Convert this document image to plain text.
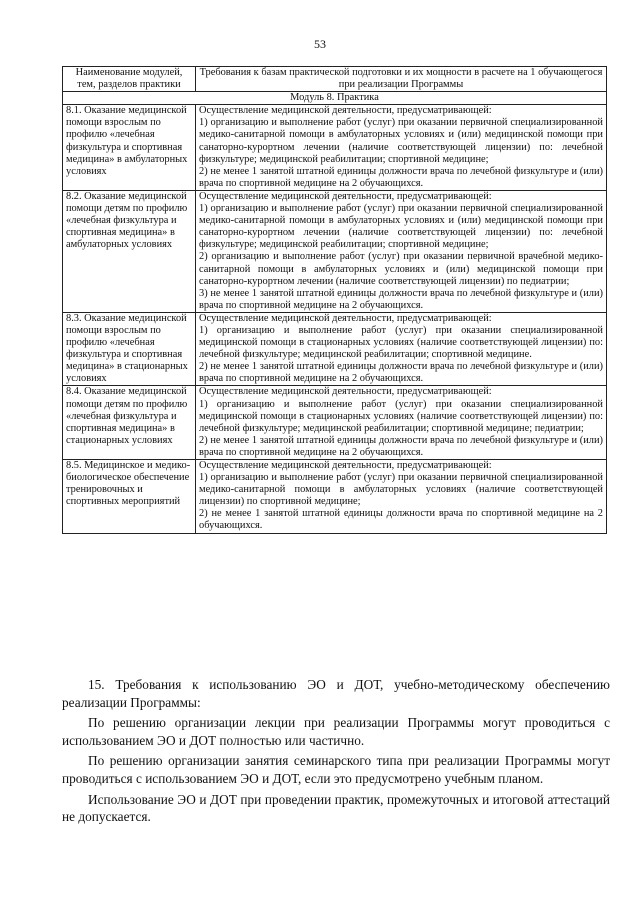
53
Наименование модулей, тем, разделов практики	Требования к базам практической подготовки и их мощности в расчете на 1 обучающегося при реализации Программы
Модуль 8. Практика	
8.1. Оказание медицинской помощи взрослым по профилю «лечебная физкультура и спортивная медицина» в амбулаторных условиях	Осуществление медицинской деятельности, предусматривающей:
1) организацию и выполнение работ (услуг) при оказании первичной специализированной медико-санитарной помощи в амбулаторных условиях и (или) медицинской помощи при санаторно-курортном лечении (наличие соответствующей лицензии) по: лечебной физкультуре; медицинской реабилитации; спортивной медицине;
2) не менее 1 занятой штатной единицы должности врача по лечебной физкультуре и (или) врача по спортивной медицине на 2 обучающихся.

8.2. Оказание медицинской помощи детям по профилю «лечебная физкультура и спортивная медицина» в амбулаторных условиях	Осуществление медицинской деятельности, предусматривающей:
1) организацию и выполнение работ (услуг) при оказании первичной специализированной медико-санитарной помощи в амбулаторных условиях и (или) медицинской помощи при санаторно-курортном лечении (наличие соответствующей лицензии) по: лечебной физкультуре; медицинской реабилитации; спортивной медицине;
2) организацию и выполнение работ (услуг) при оказании первичной врачебной медико-санитарной помощи в амбулаторных условиях и (или) медицинской помощи при санаторно-курортном лечении (наличие соответствующей лицензии) по педиатрии;
3) не менее 1 занятой штатной единицы должности врача по лечебной физкультуре и (или) врача по спортивной медицине на 2 обучающихся.

8.3. Оказание медицинской помощи взрослым по профилю «лечебная физкультура и спортивная медицина» в стационарных условиях	Осуществление медицинской деятельности, предусматривающей:
1) организацию и выполнение работ (услуг) при оказании специализированной медицинской помощи в стационарных условиях (наличие соответствующей лицензии) по: лечебной физкультуре; медицинской реабилитации; спортивной медицине.
2) не менее 1 занятой штатной единицы должности врача по лечебной физкультуре и (или) врача по спортивной медицине на 2 обучающихся.

8.4. Оказание медицинской помощи детям по профилю «лечебная физкультура и спортивная медицина» в стационарных условиях	Осуществление медицинской деятельности, предусматривающей:
1) организацию и выполнение работ (услуг) при оказании специализированной медицинской помощи в стационарных условиях (наличие соответствующей лицензии) по: лечебной физкультуре; медицинской реабилитации; спортивной медицине; педиатрии;
2) не менее 1 занятой штатной единицы должности врача по лечебной физкультуре и (или) врача по спортивной медицине на 2 обучающихся.

8.5. Медицинское и медико-биологическое обеспечение тренировочных и спортивных мероприятий	Осуществление медицинской деятельности, предусматривающей:
1) организацию и выполнение работ (услуг) при оказании первичной специализированной медико-санитарной помощи в амбулаторных условиях (наличие соответствующей лицензии) по спортивной медицине;
2) не менее 1 занятой штатной единицы должности врача по спортивной медицине на 2 обучающихся.

15. Требования к использованию ЭО и ДОТ, учебно-методическому обеспечению реализации Программы:

По решению организации лекции при реализации Программы могут проводиться с использованием ЭО и ДОТ полностью или частично.

По решению организации занятия семинарского типа при реализации Программы могут проводиться с использованием ЭО и ДОТ, если это предусмотрено учебным планом.

Использование ЭО и ДОТ при проведении практик, промежуточных и итоговой аттестаций не допускается.
